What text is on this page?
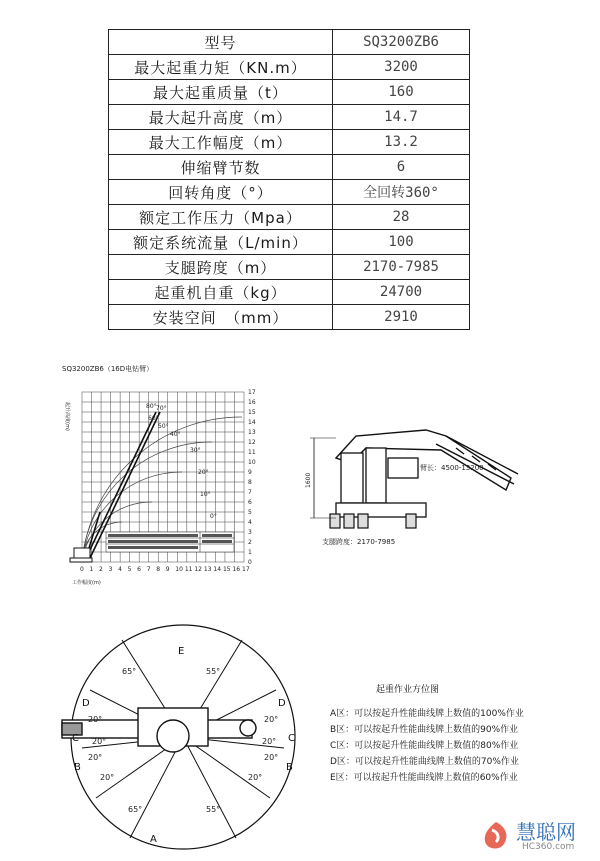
型号	SQ3200ZB6
最大起重力矩（KN.m）	3200
最大起重质量（t）	160
最大起升高度（m）	14.7
最大工作幅度（m）	13.2
伸缩臂节数	6
回转角度（°）	全回转360°
额定工作压力（Mpa）	28
额定系统流量（L/min）	100
支腿跨度（m）	2170-7985
起重机自重（kg）	24700
安装空间　（mm）	2910
SQ3200ZB6（16D电钻臂）
起升高度(m)
40°
50°
60°
70°
80°
30°
20°
10°
0°
17
16
15
14
13
12
11
10
9
8
7
6
5
4
3
2
1
0
0 1 2 3 4 5 6 7 8 9 10 11 12 13 14 15 16 17
工作幅度(m)
1600
臂长：4500-13200
支腿跨度：2170-7985
E
D	D
C	C
B	B
A
65°	55°
20°	20°
20°	20°
20°	20°
65°	55°
20°	20°
起重作业方位图
A区：可以按起升性能曲线牌上数值的100%作业
B区：可以按起升性能曲线牌上数值的90%作业
C区：可以按起升性能曲线牌上数值的80%作业
D区：可以按起升性能曲线牌上数值的70%作业
E区：可以按起升性能曲线牌上数值的60%作业
慧聪网
HC360.com
